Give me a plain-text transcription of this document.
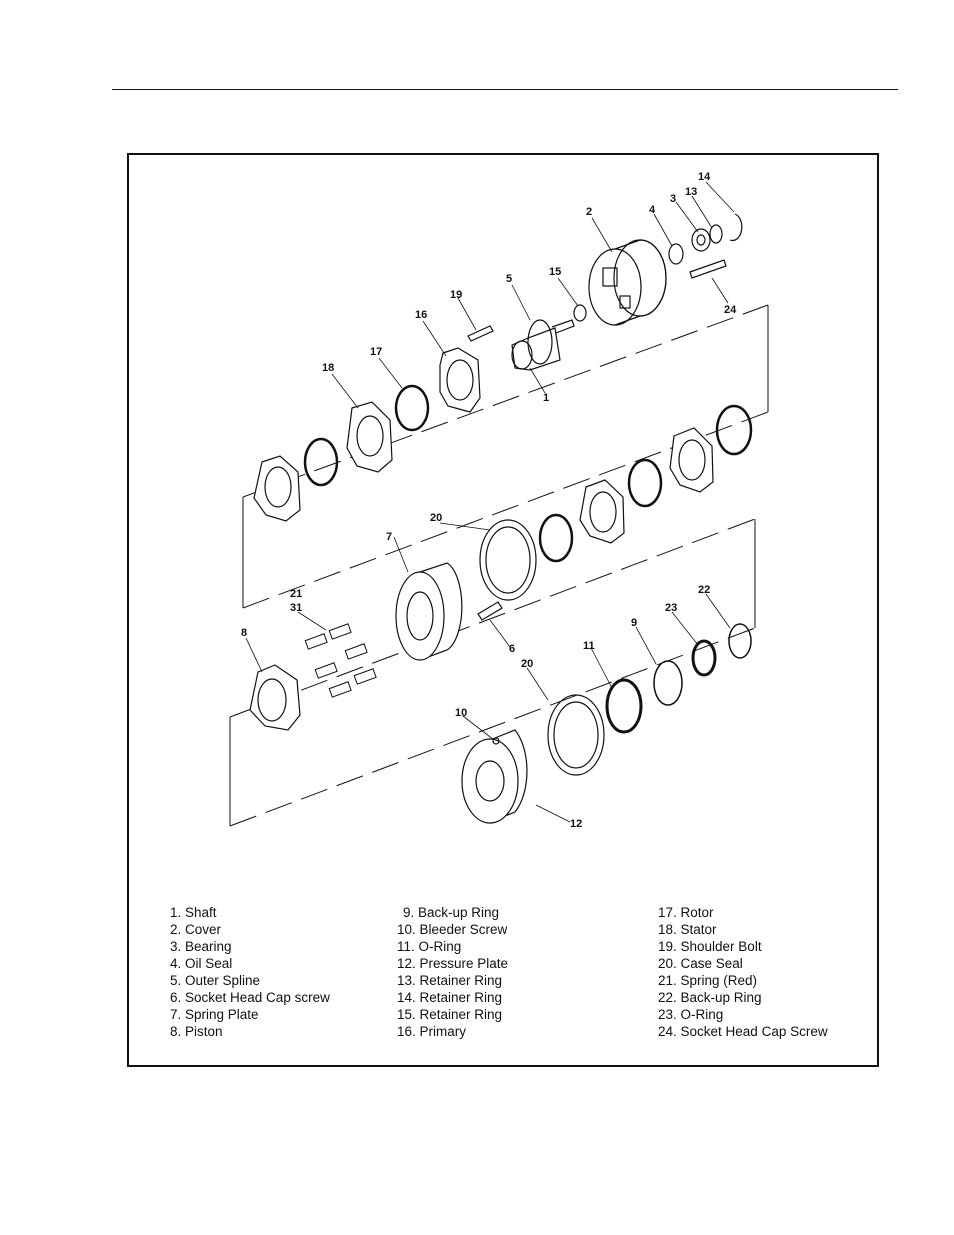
14
13
3
4
2
15
5
19
16
17
18
1
24
20
7
21
31
8
6	11
9
23
22
20
10
12
1. Shaft
2. Cover
3. Bearing
4. Oil Seal
5. Outer Spline
6. Socket Head Cap screw
7. Spring Plate
8. Piston
9. Back-up Ring
10. Bleeder Screw
11. O-Ring
12. Pressure Plate
13. Retainer Ring
14. Retainer Ring
15. Retainer Ring
16. Primary
17. Rotor
18. Stator
19. Shoulder Bolt
20. Case Seal
21. Spring (Red)
22. Back-up Ring
23. O-Ring
24. Socket Head Cap Screw
